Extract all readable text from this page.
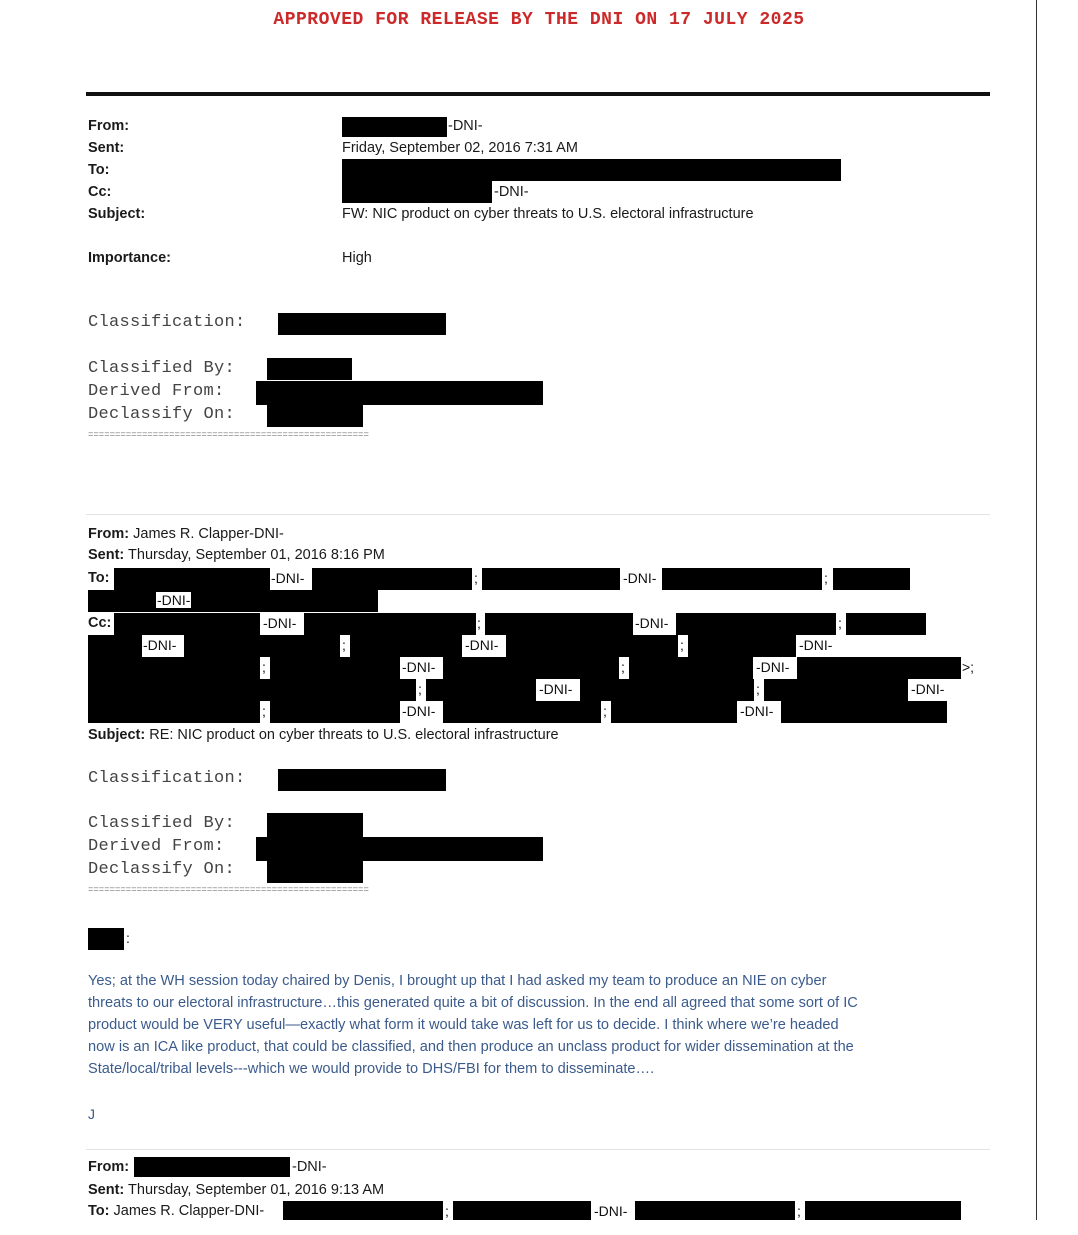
APPROVED FOR RELEASE BY THE DNI ON 17 JULY 2025
From:	-DNI-
Sent:	Friday, September 02, 2016 7:31 AM
To:
Cc:	-DNI-
Subject:	FW: NIC product on cyber threats to U.S. electoral infrastructure
Importance:	High
Classification:
Classified By:
Derived From:
Declassify On:
====================================================
From: James R. Clapper-DNI-
Sent: Thursday, September 01, 2016 8:16 PM
To:	-DNI-	;	-DNI-	;
-DNI-
Cc:	-DNI-	;	-DNI-	;
-DNI-	;	-DNI-	;	-DNI-
;	-DNI-	;	-DNI-	>;
;	-DNI-	;	-DNI-
;	-DNI-	;	-DNI-
Subject: RE: NIC product on cyber threats to U.S. electoral infrastructure
Classification:
Classified By:
Derived From:
Declassify On:
====================================================
:
Yes; at the WH session today chaired by Denis, I brought up that I had asked my team to produce an NIE on cyber
threats to our electoral infrastructure…this generated quite a bit of discussion. In the end all agreed that some sort of IC
product would be VERY useful—exactly what form it would take was left for us to decide. I think where we’re headed
now is an ICA like product, that could be classified, and then produce an unclass product for wider dissemination at the
State/local/tribal levels---which we would provide to DHS/FBI for them to disseminate….
J
From:	-DNI-
Sent: Thursday, September 01, 2016 9:13 AM
To: James R. Clapper-DNI-	;	-DNI-	;
